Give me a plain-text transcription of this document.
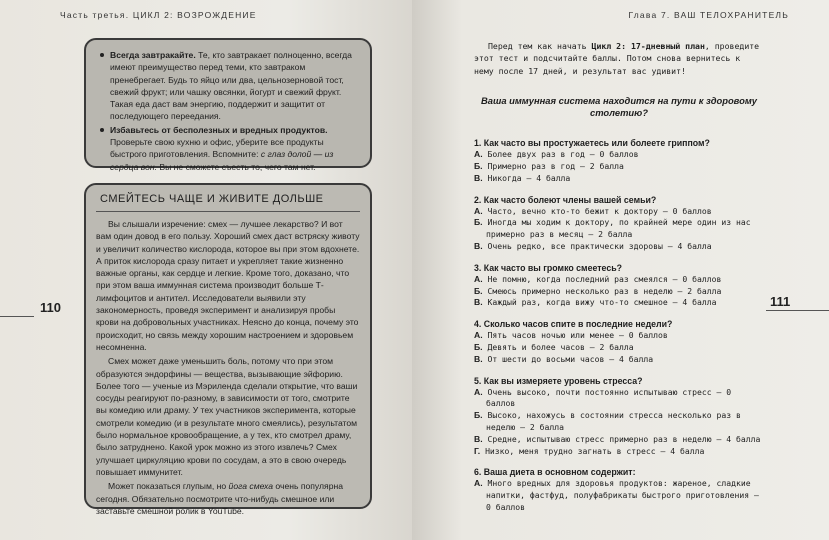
Часть третья. ЦИКЛ 2: ВОЗРОЖДЕНИЕ
110
Всегда завтракайте. Те, кто завтракает полноценно, всегда имеют преимущество перед теми, кто завтраком пренебрегает. Будь то яйцо или два, цельнозерновой тост, свежий фрукт; или чашку овсянки, йогурт и свежий фрукт. Такая еда даст вам энергию, поддержит и защитит от последующего переедания.
Избавьтесь от бесполезных и вредных продуктов. Проверьте свою кухню и офис, уберите все продукты быстрого приготовления. Вспомните: с глаз долой — из сердца вон. Вы не сможете съесть то, чего там нет.
СМЕЙТЕСЬ ЧАЩЕ И ЖИВИТЕ ДОЛЬШЕ

Вы слышали изречение: смех — лучшее лекарство? И вот вам один довод в его пользу. Хороший смех даст встряску животу и увеличит количество кислорода, которое вы при этом вдохнете. А приток кислорода сразу питает и укрепляет такие жизненно важные органы, как сердце и легкие. Кроме того, доказано, что при этом ваша иммунная система производит больше Т-лимфоцитов и антител. Исследователи выявили эту закономерность, проведя эксперимент и анализируя пробы крови на добровольных участниках. Неясно до конца, почему это происходит, но связь между хорошим настроением и здоровьем несомненна.

Смех может даже уменьшить боль, потому что при этом образуются эндорфины — вещества, вызывающие эйфорию. Более того — ученые из Мэриленда сделали открытие, что ваши сосуды реагируют по-разному, в зависимости от того, смотрите вы комедию или драму. У тех участников эксперимента, которые смотрели комедию (и в результате много смеялись), результатом было нормальное кровообращение, а у тех, кто смотрел драму, было затруднено. Какой урок можно из этого извлечь? Смех улучшает циркуляцию крови по сосудам, а это в свою очередь повышает иммунитет.

Может показаться глупым, но йога смеха очень популярна сегодня. Обязательно посмотрите что-нибудь смешное или заставьте смешной ролик в YouTube.

Глава 7. ВАШ ТЕЛОХРАНИТЕЛЬ
111

Перед тем как начать Цикл 2: 17-дневный план, проведите этот тест и подсчитайте баллы. Потом снова вернитесь к нему после 17 дней, и результат вас удивит!

Ваша иммунная система находится на пути к здоровому столетию?
1. Как часто вы простужаетесь или болеете гриппом?
А. Более двух раз в год — 0 баллов
Б. Примерно раз в год — 2 балла
В. Никогда — 4 балла
2. Как часто болеют члены вашей семьи?
А. Часто, вечно кто-то бежит к доктору — 0 баллов
Б. Иногда мы ходим к доктору, по крайней мере один из нас примерно раз в месяц — 2 балла
В. Очень редко, все практически здоровы — 4 балла
3. Как часто вы громко смеетесь?
А. Не помню, когда последний раз смеялся — 0 баллов
Б. Смеюсь примерно несколько раз в неделю — 2 балла
В. Каждый раз, когда вижу что-то смешное — 4 балла
4. Сколько часов спите в последние недели?
А. Пять часов ночью или менее — 0 баллов
Б. Девять и более часов — 2 балла
В. От шести до восьми часов — 4 балла
5. Как вы измеряете уровень стресса?
А. Очень высоко, почти постоянно испытываю стресс — 0 баллов
Б. Высоко, нахожусь в состоянии стресса несколько раз в неделю — 2 балла
В. Средне, испытываю стресс примерно раз в неделю — 4 балла
Г. Низко, меня трудно загнать в стресс — 4 балла
6. Ваша диета в основном содержит:
А. Много вредных для здоровья продуктов: жареное, сладкие напитки, фастфуд, полуфабрикаты быстрого приготовления — 0 баллов
